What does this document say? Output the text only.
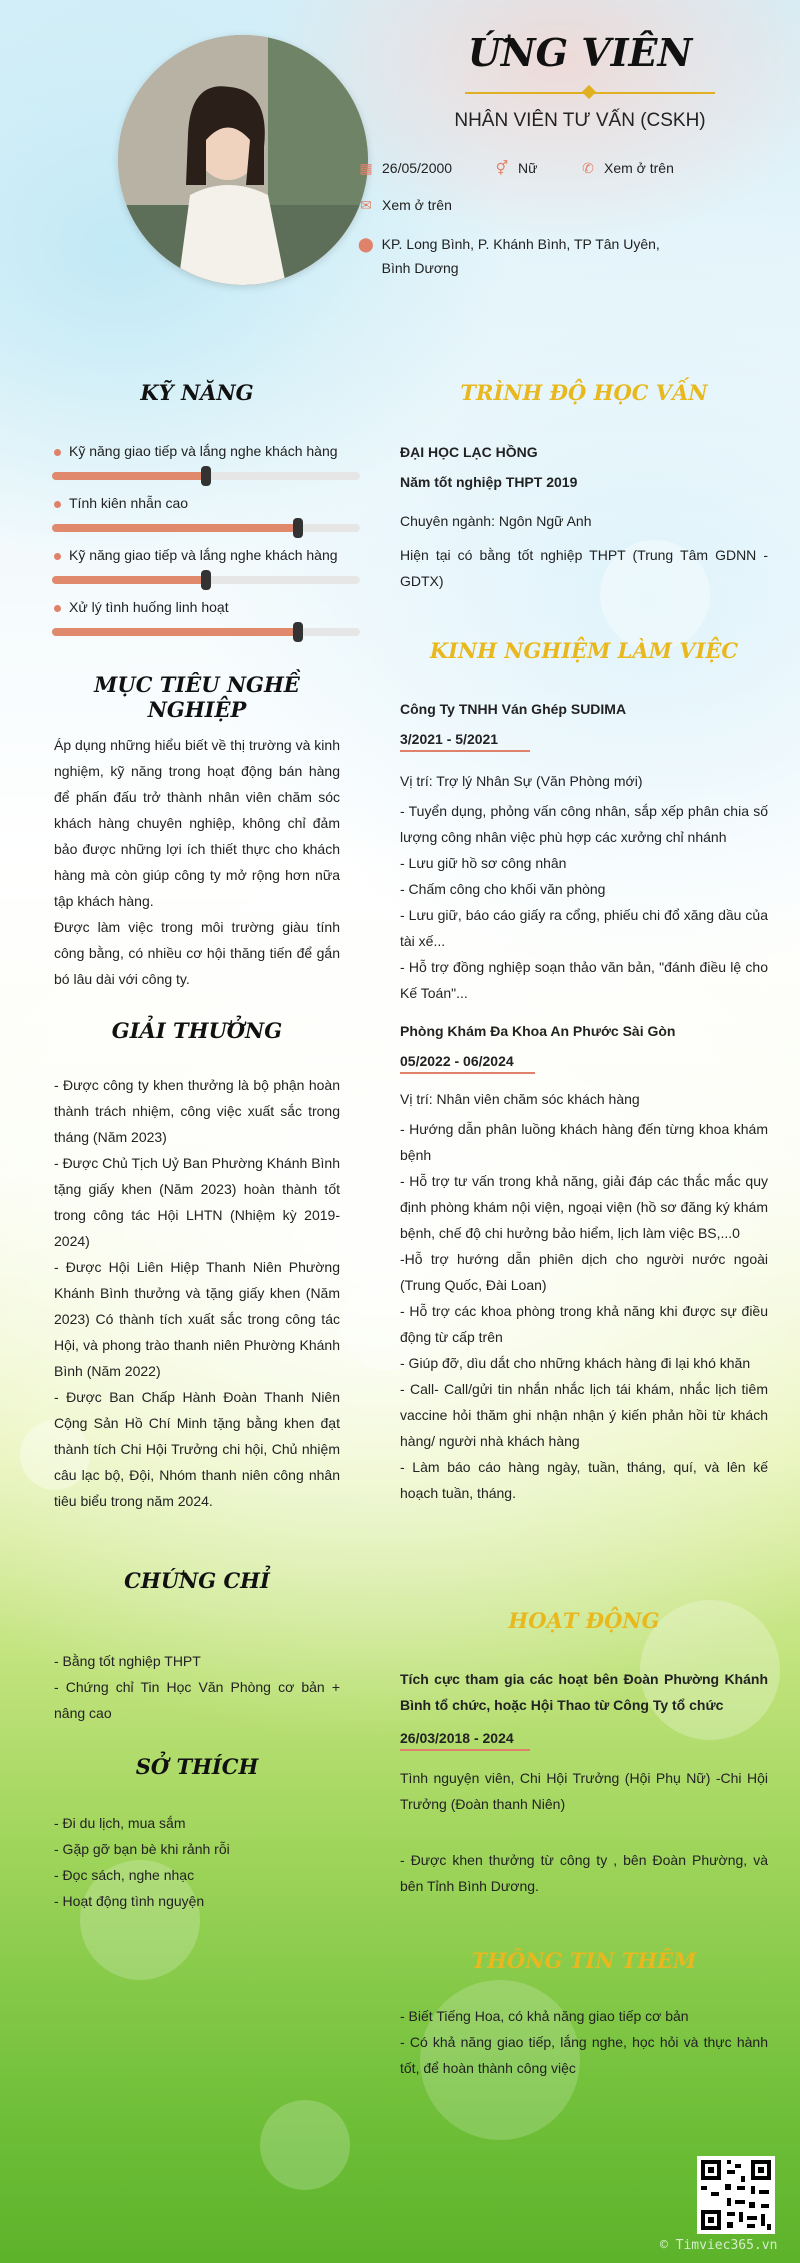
ỨNG VIÊN
NHÂN VIÊN TƯ VẤN (CSKH)
▦ 26/05/2000	⚥ Nữ	✆ Xem ở trên
✉ Xem ở trên
⬤ KP. Long Bình, P. Khánh Bình, TP Tân Uyên, Bình Dương
KỸ NĂNG
Kỹ năng giao tiếp và lắng nghe khách hàng
Tính kiên nhẫn cao
Kỹ năng giao tiếp và lắng nghe khách hàng
Xử lý tình huống linh hoạt
MỤC TIÊU NGHỀ NGHIỆP

Áp dụng những hiểu biết về thị trường và kinh nghiệm, kỹ năng trong hoạt động bán hàng để phấn đấu trở thành nhân viên chăm sóc khách hàng chuyên nghiệp, không chỉ đảm bảo được những lợi ích thiết thực cho khách hàng mà còn giúp công ty mở rộng hơn nữa tập khách hàng.
Được làm việc trong môi trường giàu tính công bằng, có nhiều cơ hội thăng tiến để gắn bó lâu dài với công ty.

GIẢI THƯỞNG

- Được công ty khen thưởng là bộ phận hoàn thành trách nhiệm, công việc xuất sắc trong tháng (Năm 2023)
- Được Chủ Tịch Uỷ Ban Phường Khánh Bình tặng giấy khen (Năm 2023) hoàn thành tốt trong công tác Hội LHTN (Nhiệm kỳ 2019-2024)
- Được Hội Liên Hiệp Thanh Niên Phường Khánh Bình thưởng và tặng giấy khen (Năm 2023) Có thành tích xuất sắc trong công tác Hội, và phong trào thanh niên Phường Khánh Bình (Năm 2022)
- Được Ban Chấp Hành Đoàn Thanh Niên Cộng Sản Hồ Chí Minh tặng bằng khen đạt thành tích Chi Hội Trưởng chi hội, Chủ nhiệm câu lạc bộ, Đội, Nhóm thanh niên công nhân tiêu biểu trong năm 2024.

CHỨNG CHỈ

- Bằng tốt nghiệp THPT
- Chứng chỉ Tin Học Văn Phòng cơ bản + nâng cao

SỞ THÍCH

- Đi du lịch, mua sắm
- Gặp gỡ bạn bè khi rảnh rỗi
- Đọc sách, nghe nhạc
- Hoạt động tình nguyện

TRÌNH ĐỘ HỌC VẤN
ĐẠI HỌC LẠC HỒNG
Năm tốt nghiệp THPT 2019
Chuyên ngành: Ngôn Ngữ Anh

Hiện tại có bằng tốt nghiệp THPT (Trung Tâm GDNN - GDTX)

KINH NGHIỆM LÀM VIỆC
Công Ty TNHH Ván Ghép SUDIMA
3/2021 - 5/2021
Vị trí: Trợ lý Nhân Sự (Văn Phòng mới)

- Tuyển dụng, phỏng vấn công nhân, sắp xếp phân chia số lượng công nhân việc phù hợp các xưởng chỉ nhánh
- Lưu giữ hồ sơ công nhân
- Chấm công cho khối văn phòng
- Lưu giữ, báo cáo giấy ra cổng, phiếu chi đổ xăng dầu của tài xế...
- Hỗ trợ đồng nghiệp soạn thảo văn bản, "đánh điều lệ cho Kế Toán"...

Phòng Khám Đa Khoa An Phước Sài Gòn
05/2022 - 06/2024
Vị trí: Nhân viên chăm sóc khách hàng

- Hướng dẫn phân luồng khách hàng đến từng khoa khám bệnh
- Hỗ trợ tư vấn trong khả năng, giải đáp các thắc mắc quy định phòng khám nội viện, ngoại viện (hồ sơ đăng ký khám bệnh, chế độ chi hưởng bảo hiểm, lịch làm việc BS,...0
-Hỗ trợ hướng dẫn phiên dịch cho người nước ngoài (Trung Quốc, Đài Loan)
- Hỗ trợ các khoa phòng trong khả năng khi được sự điều động từ cấp trên
- Giúp đỡ, dìu dắt cho những khách hàng đi lại khó khăn
- Call- Call/gửi tin nhắn nhắc lịch tái khám, nhắc lịch tiêm vaccine hỏi thăm ghi nhận nhận ý kiến phản hồi từ khách hàng/ người nhà khách hàng
- Làm báo cáo hàng ngày, tuần, tháng, quí, và lên kế hoạch tuần, tháng.

HOẠT ĐỘNG

Tích cực tham gia các hoạt bên Đoàn Phường Khánh Bình tổ chức, hoặc Hội Thao từ Công Ty tổ chức

26/03/2018 - 2024

Tình nguyện viên, Chi Hội Trưởng (Hội Phụ Nữ) -Chi Hội Trưởng (Đoàn thanh Niên)

- Được khen thưởng từ công ty , bên Đoàn Phường, và bên Tỉnh Bình Dương.

THÔNG TIN THÊM

- Biết Tiếng Hoa, có khả năng giao tiếp cơ bản
- Có khả năng giao tiếp, lắng nghe, học hỏi và thực hành tốt, để hoàn thành công việc

© Timviec365.vn
